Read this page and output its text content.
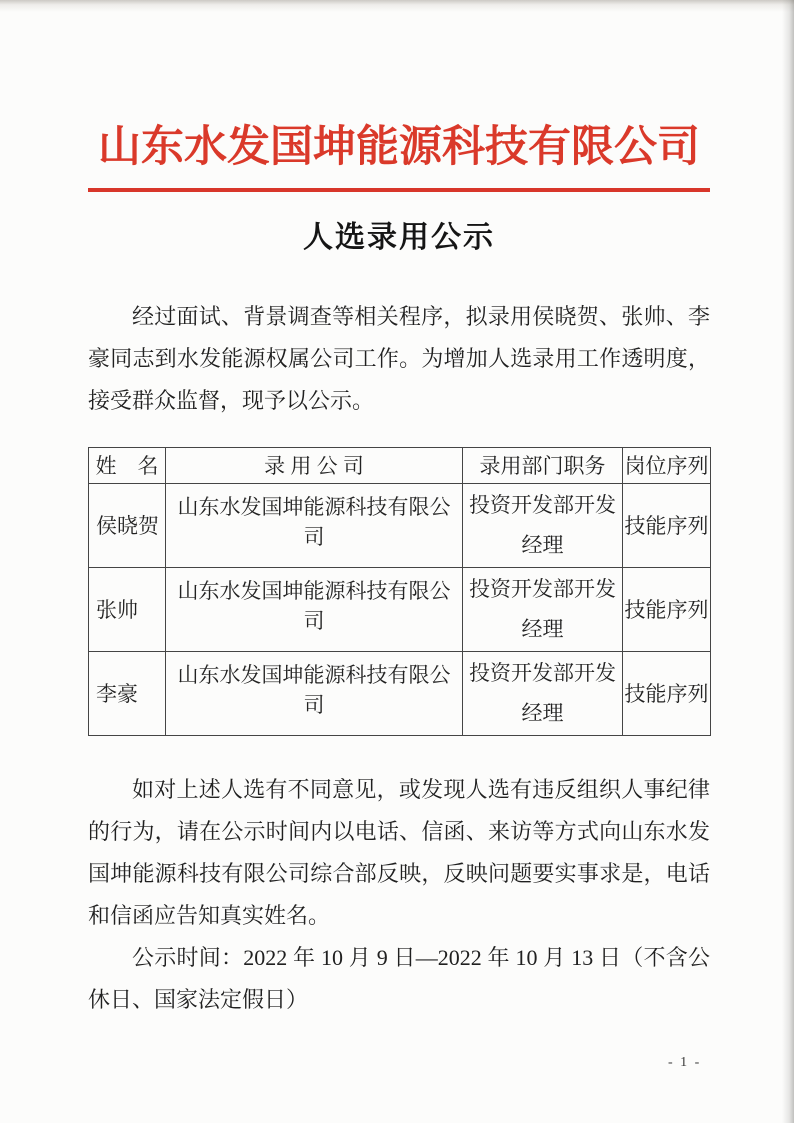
山东水发国坤能源科技有限公司
人选录用公示

经过面试、背景调查等相关程序，拟录用侯晓贺、张帅、李豪同志到水发能源权属公司工作。为增加人选录用工作透明度，接受群众监督，现予以公示。

姓　名	录 用 公 司	录用部门职务	岗位序列
侯晓贺	山东水发国坤能源科技有限公司	投资开发部开发经理	技能序列
张帅	山东水发国坤能源科技有限公司	投资开发部开发经理	技能序列
李豪	山东水发国坤能源科技有限公司	投资开发部开发经理	技能序列

如对上述人选有不同意见，或发现人选有违反组织人事纪律的行为，请在公示时间内以电话、信函、来访等方式向山东水发国坤能源科技有限公司综合部反映，反映问题要实事求是，电话和信函应告知真实姓名。

公示时间：2022 年 10 月 9 日—2022 年 10 月 13 日（不含公休日、国家法定假日）

- 1 -
